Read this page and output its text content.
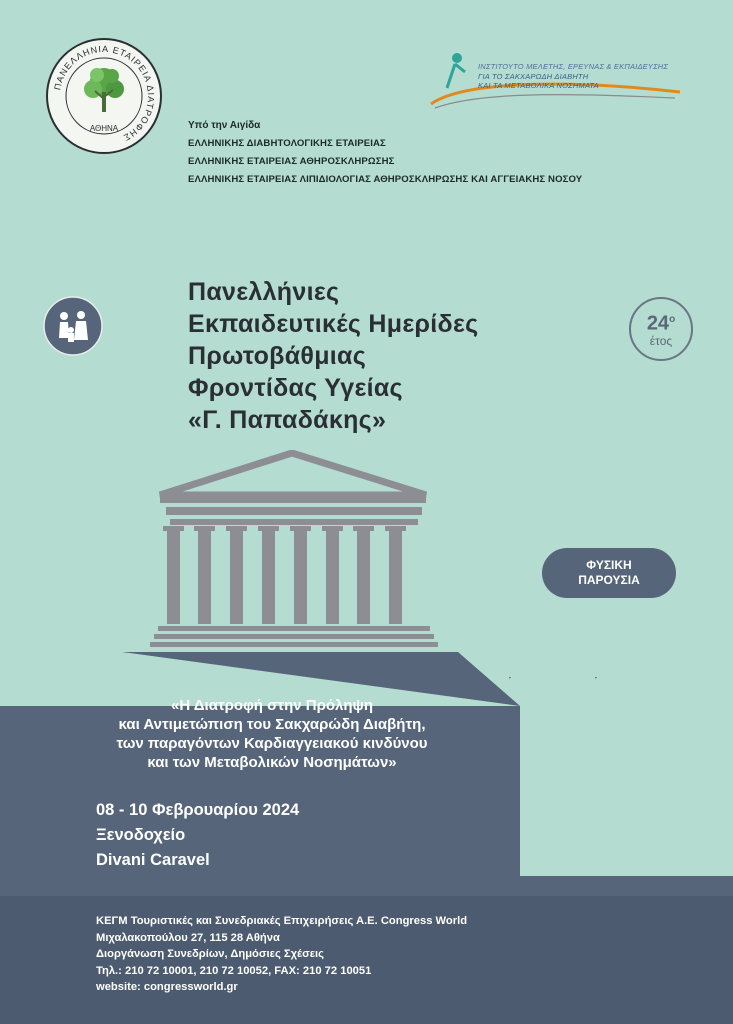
ΠΑΝΕΛΛΗΝΙΑ ΕΤΑΙΡΕΙΑ ΔΙΑΤΡΟΦΗΣ
ΑΘΗΝΑ
ΙΝΣΤΙΤΟΥΤΟ ΜΕΛΕΤΗΣ, ΕΡΕΥΝΑΣ & ΕΚΠΑΙΔΕΥΣΗΣ
ΓΙΑ ΤΟ ΣΑΚΧΑΡΩΔΗ ΔΙΑΒΗΤΗ
ΚΑΙ ΤΑ ΜΕΤΑΒΟΛΙΚΑ ΝΟΣΗΜΑΤΑ
Υπό την Αιγίδα
ΕΛΛΗΝΙΚΗΣ ΔΙΑΒΗΤΟΛΟΓΙΚΗΣ ΕΤΑΙΡΕΙΑΣ
ΕΛΛΗΝΙΚΗΣ ΕΤΑΙΡΕΙΑΣ ΑΘΗΡΟΣΚΛΗΡΩΣΗΣ
ΕΛΛΗΝΙΚΗΣ ΕΤΑΙΡΕΙΑΣ ΛΙΠΙΔΙΟΛΟΓΙΑΣ ΑΘΗΡΟΣΚΛΗΡΩΣΗΣ ΚΑΙ ΑΓΓΕΙΑΚΗΣ ΝΟΣΟΥ
Πανελλήνιες
Εκπαιδευτικές Ημερίδες
Πρωτοβάθμιας
Φροντίδας Υγείας
«Γ. Παπαδάκης»
$24^o$
έτος
ΦΥΣΙΚΗ
ΠΑΡΟΥΣΙΑ
«Η Διατροφή στην Πρόληψη
και Αντιμετώπιση του Σακχαρώδη Διαβήτη,
των παραγόντων Καρδιαγγειακού κινδύνου
και των Μεταβολικών Νοσημάτων»
08 - 10 Φεβρουαρίου 2024
Ξενοδοχείο
Divani Caravel
ΚΕΓΜ Τουριστικές και Συνεδριακές Επιχειρήσεις Α.Ε. Congress World
Μιχαλακοπούλου 27, 115 28 Αθήνα
Διοργάνωση Συνεδρίων, Δημόσιες Σχέσεις
Τηλ.: 210 72 10001, 210 72 10052, FAX: 210 72 10051
website: congressworld.gr
